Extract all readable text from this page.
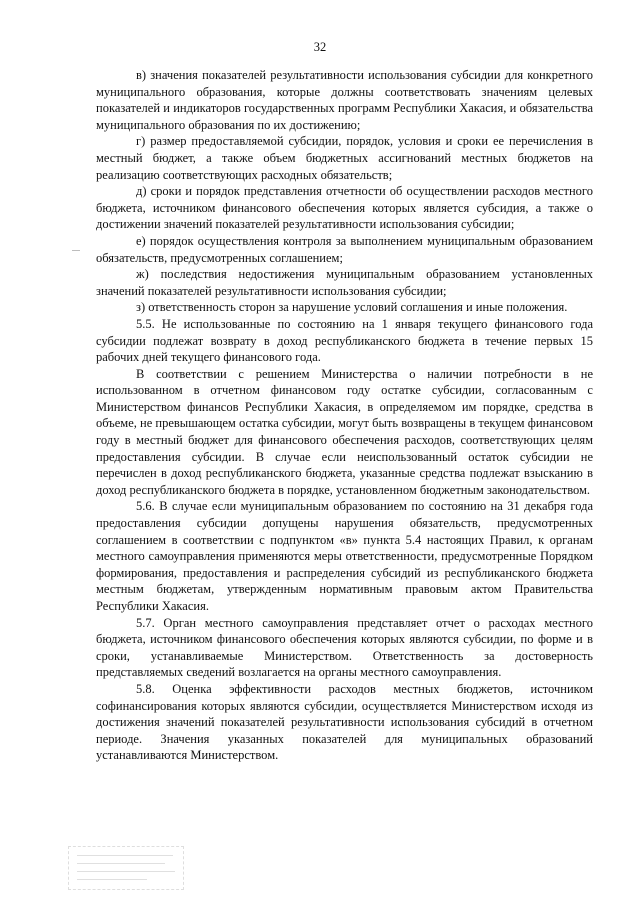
32

в) значения показателей результативности использования субсидии для конкретного муниципального образования, которые должны соответствовать значениям целевых показателей и индикаторов государственных программ Республики Хакасия, и обязательства муниципального образования по их достижению;

г) размер предоставляемой субсидии, порядок, условия и сроки ее перечисления в местный бюджет, а также объем бюджетных ассигнований местных бюджетов на реализацию соответствующих расходных обязательств;

д) сроки и порядок представления отчетности об осуществлении расходов местного бюджета, источником финансового обеспечения которых является субсидия, а также о достижении значений показателей результативности использования субсидии;

е) порядок осуществления контроля за выполнением муниципальным образованием обязательств, предусмотренных соглашением;

ж) последствия недостижения муниципальным образованием установленных значений показателей результативности использования субсидии;

з) ответственность сторон за нарушение условий соглашения и иные положения.

5.5. Не использованные по состоянию на 1 января текущего финансового года субсидии подлежат возврату в доход республиканского бюджета в течение первых 15 рабочих дней текущего финансового года.

В соответствии с решением Министерства о наличии потребности в не использованном в отчетном финансовом году остатке субсидии, согласованным с Министерством финансов Республики Хакасия, в определяемом им порядке, средства в объеме, не превышающем остатка субсидии, могут быть возвращены в текущем финансовом году в местный бюджет для финансового обеспечения расходов, соответствующих целям предоставления субсидии. В случае если неиспользованный остаток субсидии не перечислен в доход республиканского бюджета, указанные средства подлежат взысканию в доход республиканского бюджета в порядке, установленном бюджетным законодательством.

5.6. В случае если муниципальным образованием по состоянию на 31 декабря года предоставления субсидии допущены нарушения обязательств, предусмотренных соглашением в соответствии с подпунктом «в» пункта 5.4 настоящих Правил, к органам местного самоуправления применяются меры ответственности, предусмотренные Порядком формирования, предоставления и распределения субсидий из республиканского бюджета местным бюджетам, утвержденным нормативным правовым актом Правительства Республики Хакасия.

5.7. Орган местного самоуправления представляет отчет о расходах местного бюджета, источником финансового обеспечения которых являются субсидии, по форме и в сроки, устанавливаемые Министерством. Ответственность за достоверность представляемых сведений возлагается на органы местного самоуправления.

5.8. Оценка эффективности расходов местных бюджетов, источником софинансирования которых являются субсидии, осуществляется Министерством исходя из достижения значений показателей результативности использования субсидий в отчетном периоде. Значения указанных показателей для муниципальных образований устанавливаются Министерством.
